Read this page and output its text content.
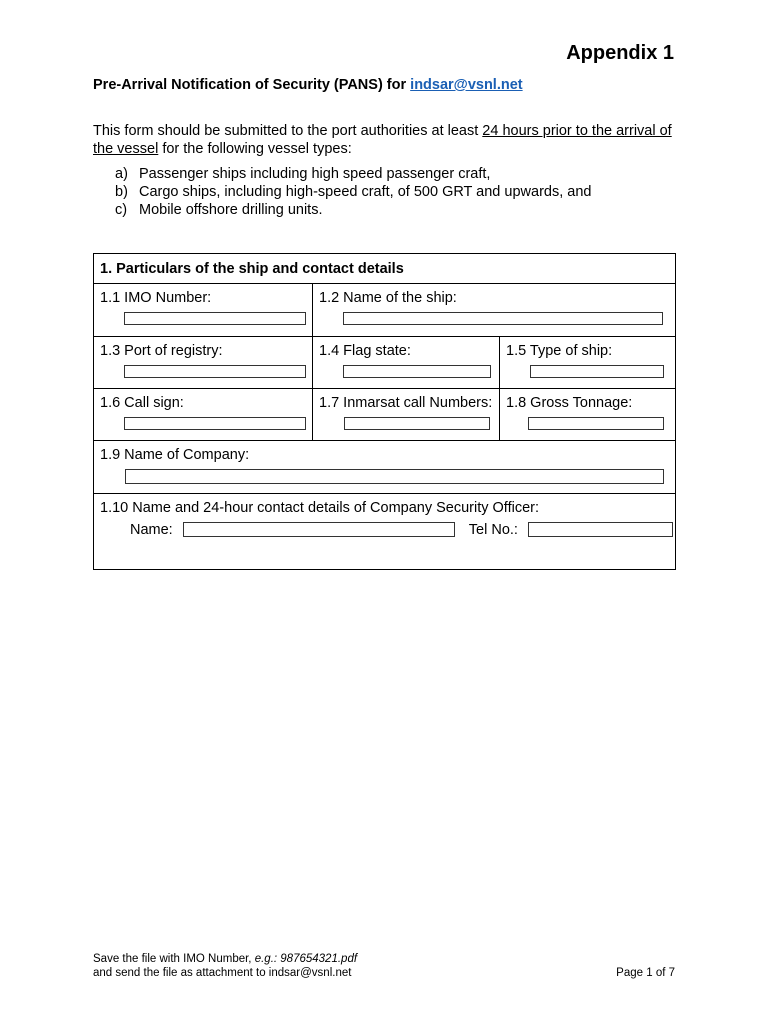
Appendix 1

Pre-Arrival Notification of Security (PANS) for indsar@vsnl.net

This form should be submitted to the port authorities at least 24 hours prior to the arrival of the vessel for the following vessel types:

a) Passenger ships including high speed passenger craft,
b) Cargo ships, including high-speed craft, of 500 GRT and upwards, and
c) Mobile offshore drilling units.
1. Particulars of the ship and contact details		

1.1 IMO Number:	1.2 Name of the ship:	

1.3 Port of registry:	1.4 Flag state:	1.5 Type of ship:

1.6 Call sign:	1.7 Inmarsat call Numbers:	1.8 Gross Tonnage:

1.9 Name of Company:		

1.10 Name and 24-hour contact details of Company Security Officer:
Name: Tel No.:		
Save the file with IMO Number, e.g.: 987654321.pdf
and send the file as attachment to indsar@vsnl.net	Page 1 of 7
